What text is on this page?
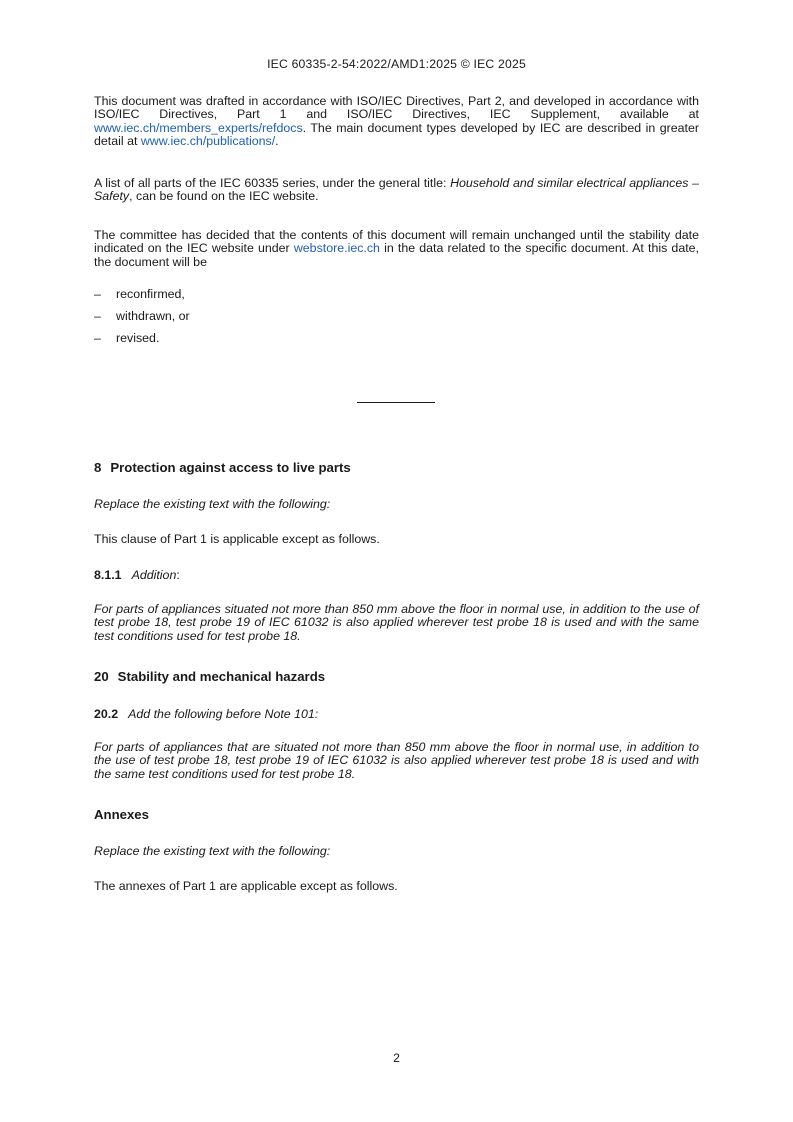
IEC 60335-2-54:2022/AMD1:2025 © IEC 2025
This document was drafted in accordance with ISO/IEC Directives, Part 2, and developed in accordance with ISO/IEC Directives, Part 1 and ISO/IEC Directives, IEC Supplement, available at www.iec.ch/members_experts/refdocs. The main document types developed by IEC are described in greater detail at www.iec.ch/publications/.
A list of all parts of the IEC 60335 series, under the general title: Household and similar electrical appliances – Safety, can be found on the IEC website.
The committee has decided that the contents of this document will remain unchanged until the stability date indicated on the IEC website under webstore.iec.ch in the data related to the specific document. At this date, the document will be
– reconfirmed,
– withdrawn, or
– revised.
8 Protection against access to live parts
Replace the existing text with the following:
This clause of Part 1 is applicable except as follows.
8.1.1 Addition:
For parts of appliances situated not more than 850 mm above the floor in normal use, in addition to the use of test probe 18, test probe 19 of IEC 61032 is also applied wherever test probe 18 is used and with the same test conditions used for test probe 18.
20 Stability and mechanical hazards
20.2 Add the following before Note 101:
For parts of appliances that are situated not more than 850 mm above the floor in normal use, in addition to the use of test probe 18, test probe 19 of IEC 61032 is also applied wherever test probe 18 is used and with the same test conditions used for test probe 18.
Annexes
Replace the existing text with the following:
The annexes of Part 1 are applicable except as follows.
2
